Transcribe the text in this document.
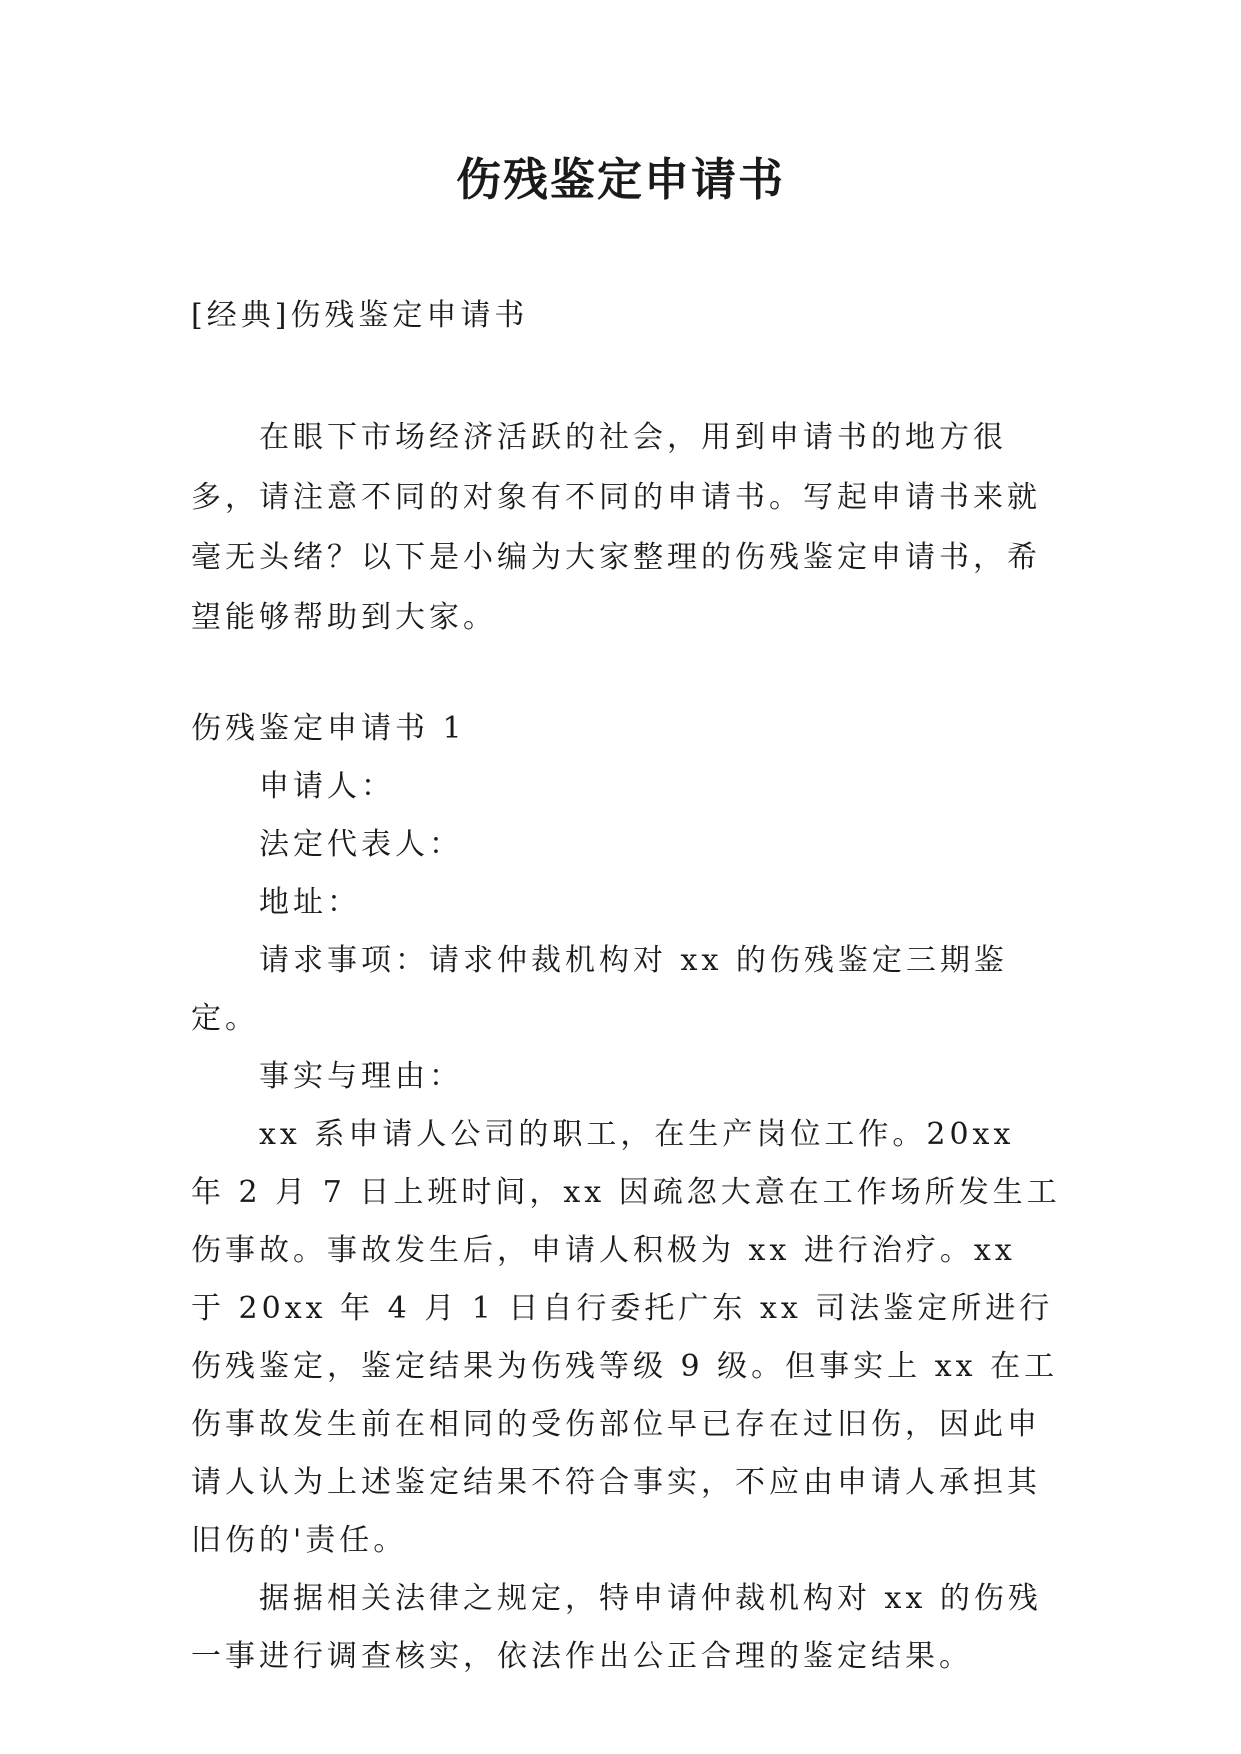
伤残鉴定申请书

[经典]伤残鉴定申请书

在眼下市场经济活跃的社会，用到申请书的地方很多，请注意不同的对象有不同的申请书。写起申请书来就毫无头绪？以下是小编为大家整理的伤残鉴定申请书，希望能够帮助到大家。

伤残鉴定申请书 1

申请人：

法定代表人：

地址：

请求事项：请求仲裁机构对 xx 的伤残鉴定三期鉴定。

事实与理由：

xx 系申请人公司的职工，在生产岗位工作。20xx 年 2 月 7 日上班时间，xx 因疏忽大意在工作场所发生工伤事故。事故发生后，申请人积极为 xx 进行治疗。xx 于 20xx 年 4 月 1 日自行委托广东 xx 司法鉴定所进行伤残鉴定，鉴定结果为伤残等级 9 级。但事实上 xx 在工伤事故发生前在相同的受伤部位早已存在过旧伤，因此申请人认为上述鉴定结果不符合事实，不应由申请人承担其旧伤的'责任。

据据相关法律之规定，特申请仲裁机构对 xx 的伤残一事进行调查核实，依法作出公正合理的鉴定结果。
